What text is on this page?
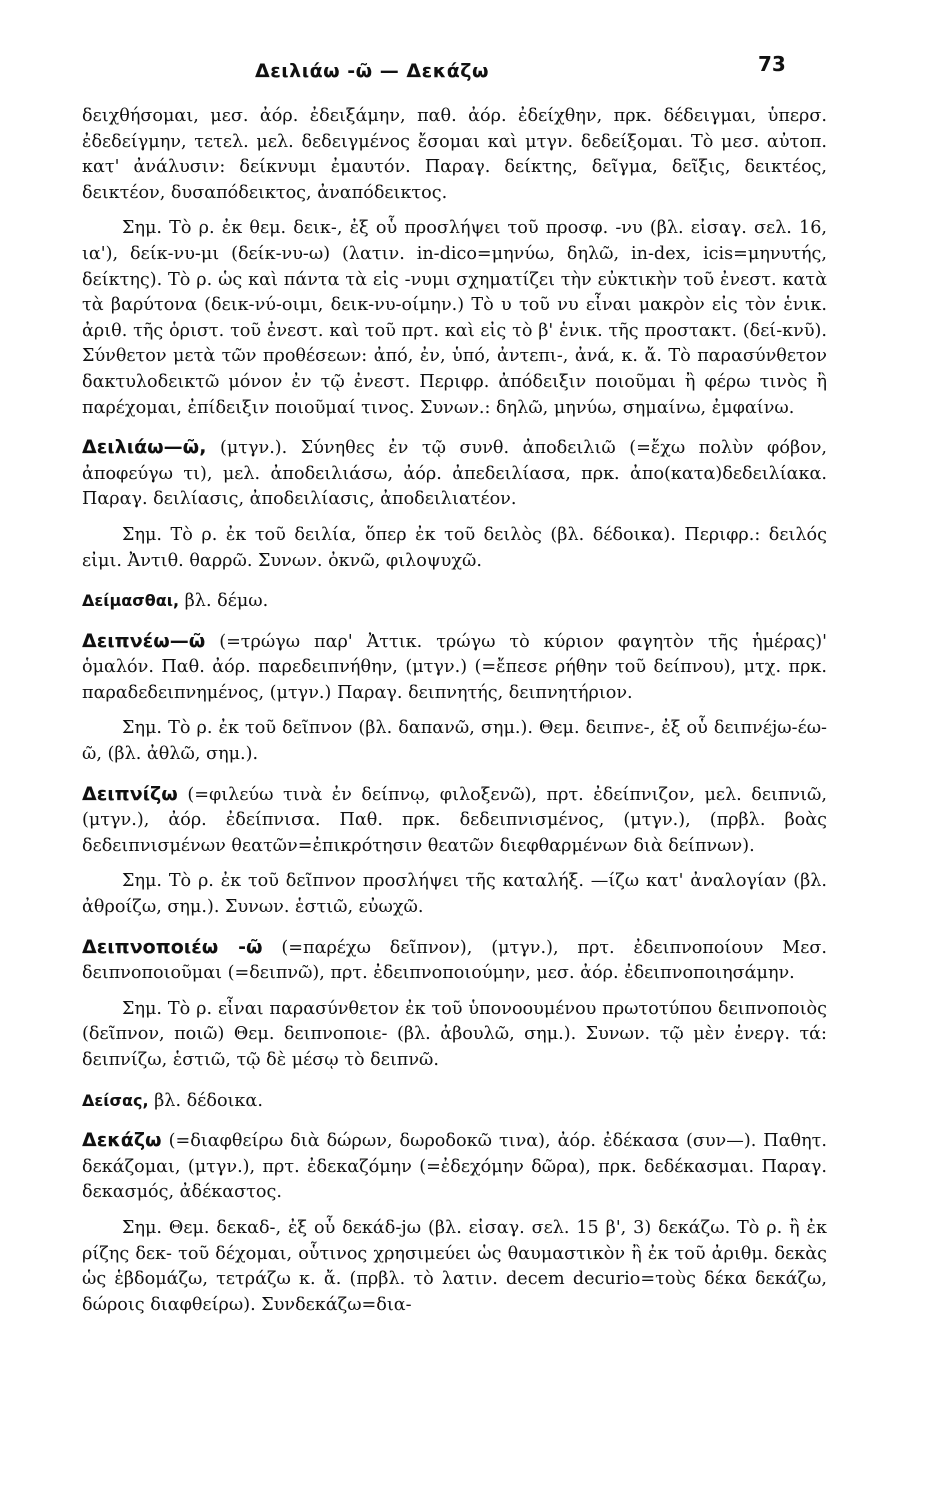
Δειλιάω -ῶ — Δεκάζω	73

δειχθήσομαι, μεσ. ἀόρ. ἐδειξάμην, παθ. ἀόρ. ἐδείχθην, πρκ. δέδειγμαι, ὑπερσ. ἐδεδείγμην, τετελ. μελ. δεδειγμένος ἔσομαι καὶ μτγν. δεδείξομαι. Τὸ μεσ. αὐτοπ. κατ' ἀνάλυσιν: δείκνυμι ἐμαυτόν. Παραγ. δείκτης, δεῖγμα, δεῖξις, δεικτέος, δεικτέον, δυσαπόδεικτος, ἀναπόδεικτος.

Σημ. Τὸ ρ. ἐκ θεμ. δεικ-, ἐξ οὗ προσλήψει τοῦ προσφ. -νυ (βλ. εἰσαγ. σελ. 16, ια'), δείκ-νυ-μι (δείκ-νυ-ω) (λατιν. in-dico=μηνύω, δηλῶ, in-dex, icis=μηνυτής, δείκτης). Τὸ ρ. ὡς καὶ πάντα τὰ εἰς -νυμι σχηματίζει τὴν εὐκτικὴν τοῦ ἐνεστ. κατὰ τὰ βαρύτονα (δεικ-νύ-οιμι, δεικ-νυ-οίμην.) Τὸ υ τοῦ νυ εἶναι μακρὸν εἰς τὸν ἑνικ. ἀριθ. τῆς ὁριστ. τοῦ ἐνεστ. καὶ τοῦ πρτ. καὶ εἰς τὸ β' ἑνικ. τῆς προστακτ. (δεί-κνῦ). Σύνθετον μετὰ τῶν προθέσεων: ἀπό, ἐν, ὑπό, ἀντεπι-, ἀνά, κ. ἄ. Τὸ παρασύνθετον δακτυλοδεικτῶ μόνον ἐν τῷ ἐνεστ. Περιφρ. ἀπόδειξιν ποιοῦμαι ἢ φέρω τινὸς ἢ παρέχομαι, ἐπίδειξιν ποιοῦμαί τινος. Συνων.: δηλῶ, μηνύω, σημαίνω, ἐμφαίνω.

Δειλιάω—ῶ, (μτγν.). Σύνηθες ἐν τῷ συνθ. ἀποδειλιῶ (=ἔχω πολὺν φόβον, ἀποφεύγω τι), μελ. ἀποδειλιάσω, ἀόρ. ἀπεδειλίασα, πρκ. ἀπο(κατα)δεδειλίακα. Παραγ. δειλίασις, ἀποδειλίασις, ἀποδειλιατέον.

Σημ. Τὸ ρ. ἐκ τοῦ δειλία, ὅπερ ἐκ τοῦ δειλὸς (βλ. δέδοικα). Περιφρ.: δειλός εἰμι. Ἀντιθ. θαρρῶ. Συνων. ὀκνῶ, φιλοψυχῶ.

Δείμασθαι, βλ. δέμω.

Δειπνέω—ῶ (=τρώγω παρ' Ἀττικ. τρώγω τὸ κύριον φαγητὸν τῆς ἡμέρας)' ὁμαλόν. Παθ. ἀόρ. παρεδειπνήθην, (μτγν.) (=ἔπεσε ρήθην τοῦ δείπνου), μτχ. πρκ. παραδεδειπνημένος, (μτγν.) Παραγ. δειπνητής, δειπνητήριον.

Σημ. Τὸ ρ. ἐκ τοῦ δεῖπνον (βλ. δαπανῶ, σημ.). Θεμ. δειπνε-, ἐξ οὗ δειπνέjω-έω-ῶ, (βλ. ἀθλῶ, σημ.).

Δειπνίζω (=φιλεύω τινὰ ἐν δείπνῳ, φιλοξενῶ), πρτ. ἐδείπνιζον, μελ. δειπνιῶ, (μτγν.), ἀόρ. ἐδείπνισα. Παθ. πρκ. δεδειπνισμένος, (μτγν.), (πρβλ. βοὰς δεδειπνισμένων θεατῶν=ἐπικρότησιν θεατῶν διεφθαρμένων διὰ δείπνων).

Σημ. Τὸ ρ. ἐκ τοῦ δεῖπνον προσλήψει τῆς καταλήξ. —ίζω κατ' ἀναλογίαν (βλ. ἀθροίζω, σημ.). Συνων. ἑστιῶ, εὐωχῶ.

Δειπνοποιέω -ῶ (=παρέχω δεῖπνον), (μτγν.), πρτ. ἐδειπνοποίουν Μεσ. δειπνοποιοῦμαι (=δειπνῶ), πρτ. ἐδειπνοποιούμην, μεσ. ἀόρ. ἐδειπνοποιησάμην.

Σημ. Τὸ ρ. εἶναι παρασύνθετον ἐκ τοῦ ὑπονοουμένου πρωτοτύπου δειπνοποιὸς (δεῖπνον, ποιῶ) Θεμ. δειπνοποιε- (βλ. ἀβουλῶ, σημ.). Συνων. τῷ μὲν ἐνεργ. τά: δειπνίζω, ἑστιῶ, τῷ δὲ μέσῳ τὸ δειπνῶ.

Δείσας, βλ. δέδοικα.

Δεκάζω (=διαφθείρω διὰ δώρων, δωροδοκῶ τινα), ἀόρ. ἐδέκασα (συν—). Παθητ. δεκάζομαι, (μτγν.), πρτ. ἐδεκαζόμην (=ἐδεχόμην δῶρα), πρκ. δεδέκασμαι. Παραγ. δεκασμός, ἀδέκαστος.

Σημ. Θεμ. δεκαδ-, ἐξ οὗ δεκάδ-jω (βλ. εἰσαγ. σελ. 15 β', 3) δεκάζω. Τὸ ρ. ἢ ἐκ ρίζης δεκ- τοῦ δέχομαι, οὗτινος χρησιμεύει ὡς θαυμαστικὸν ἢ ἐκ τοῦ ἀριθμ. δεκὰς ὡς ἑβδομάζω, τετράζω κ. ἄ. (πρβλ. τὸ λατιν. decem decurio=τοὺς δέκα δεκάζω, δώροις διαφθείρω). Συνδεκάζω=δια-
